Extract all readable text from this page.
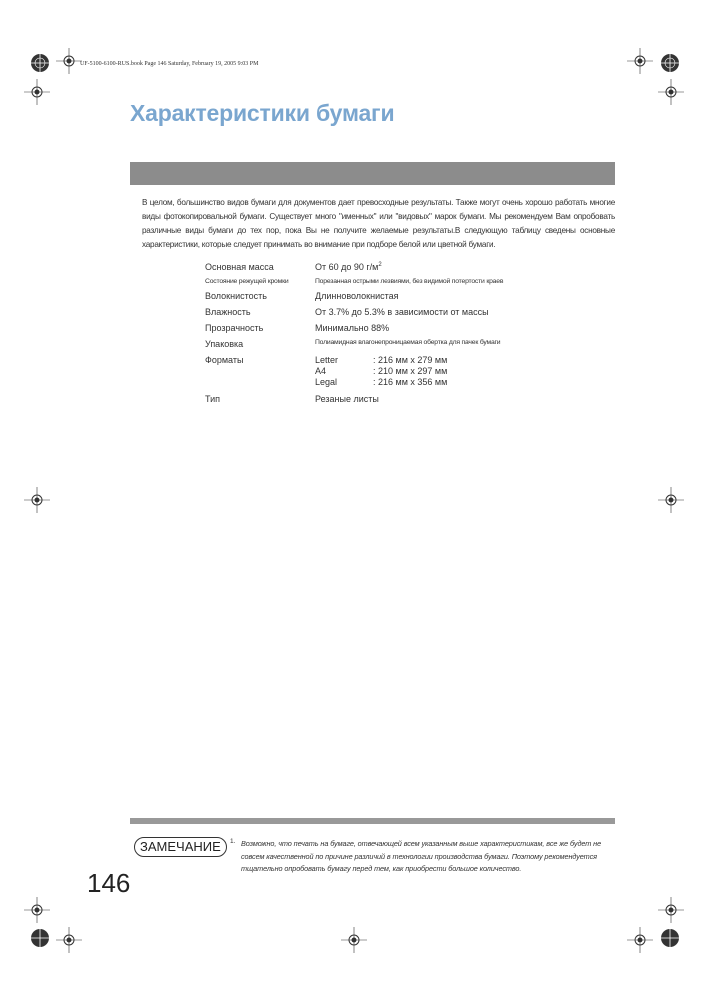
UF-5100-6100-RUS.book Page 146 Saturday, February 19, 2005 9:03 PM
Характеристики бумаги
В целом, большинство видов бумаги для документов дает превосходные результаты. Также могут очень хорошо работать многие виды фотокопировальной бумаги. Существует много "именных" или "видовых" марок бумаги. Мы рекомендуем Вам опробовать различные виды бумаги до тех пор, пока Вы не получите желаемые результаты.В следующую таблицу сведены основные характеристики, которые следует принимать во внимание при подборе белой или цветной бумаги.
Основная масса	От 60 до 90 $г/м^2$
Состояние режущей кромки	Порезанная острыми лезвиями, без видимой потертости краев
Волокнистость	Длинноволокнистая
Влажность	От 3.7% до 5.3% в зависимости от массы
Прозрачность	Минимально 88%
Упаковка	Полиамидная влагонепроницаемая обертка для пачек бумаги
Форматы	Letter	: 216 мм x 279 мм
A4	: 210 мм x 297 мм
Legal	: 216 мм x 356 мм
Тип	Резаные листы
ЗАМЕЧАНИЕ	1. Возможно, что печать на бумаге, отвечающей всем указанным выше характеристикам, все же будет не совсем качественной по причине различий в технологии производства бумаги. Поэтому рекомендуется тщательно опробовать бумагу перед тем, как приобрести большое количество.
146
